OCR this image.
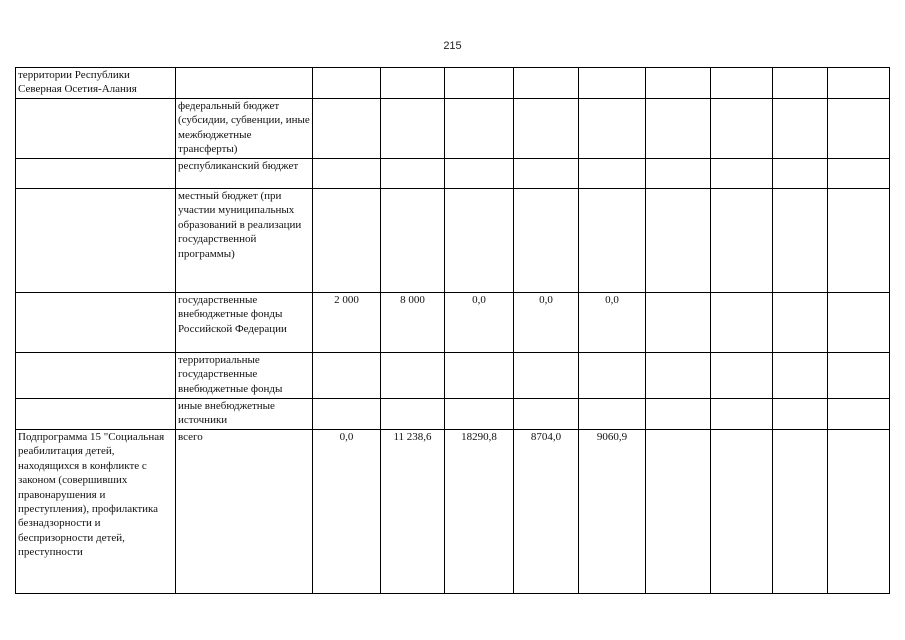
215
территории Республики Северная Осетия-Алания										
	федеральный бюджет (субсидии, субвенции, иные межбюджетные трансферты)									
	республиканский бюджет									
	местный бюджет (при участии муниципальных образований в реализации государственной программы)									
	государственные внебюджетные фонды Российской Федерации	2 000	8 000	0,0	0,0	0,0				
	территориальные государственные внебюджетные фонды									
	иные внебюджетные источники									
Подпрограмма 15 "Социальная реабилитация детей, находящихся в конфликте с законом (совершивших правонарушения и преступления), профилактика безнадзорности и беспризорности детей, преступности	всего	0,0	11 238,6	18290,8	8704,0	9060,9				
